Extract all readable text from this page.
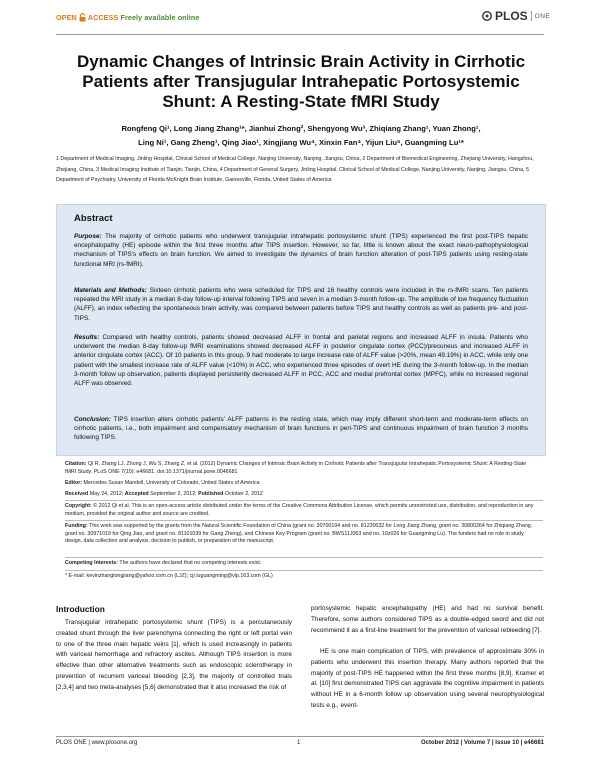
OPEN ACCESS Freely available online	PLOS ONE
Dynamic Changes of Intrinsic Brain Activity in Cirrhotic Patients after Transjugular Intrahepatic Portosystemic Shunt: A Resting-State fMRI Study
Rongfeng Qi¹, Long Jiang Zhang¹*, Jianhui Zhong², Shengyong Wu³, Zhiqiang Zhang¹, Yuan Zhong¹,
Ling Ni¹, Gang Zheng¹, Qing Jiao¹, Xingjiang Wu⁴, Xinxin Fan⁴, Yijun Liu⁵, Guangming Lu¹*
1 Department of Medical Imaging, Jinling Hospital, Clinical School of Medical College, Nanjing University, Nanjing, Jiangsu, China, 2 Department of Biomedical Engineering, Zhejiang University, Hangzhou, Zhejiang, China, 3 Medical Imaging Institute of Tianjin, Tianjin, China, 4 Department of General Surgery, Jinling Hospital, Clinical School of Medical College, Nanjing University, Nanjing, Jiangsu, China, 5 Department of Psychiatry, University of Florida McKnight Brain Institute, Gainesville, Florida, United States of America
Abstract
Purpose: The majority of cirrhotic patients who underwent transjugular intrahepatic portosystemic shunt (TIPS) experienced the first post-TIPS hepatic encephalopathy (HE) episode within the first three months after TIPS insertion. However, so far, little is known about the exact neuro-pathophysiological mechanism of TIPS's effects on brain function. We aimed to investigate the dynamics of brain function alteration of post-TIPS patients using resting-state functional MRI (rs-fMRI).
Materials and Methods: Sixteen cirrhotic patients who were scheduled for TIPS and 16 healthy controls were included in the rs-fMRI scans. Ten patients repeated the MRI study in a median 8-day follow-up interval following TIPS and seven in a median 3-month follow-up. The amplitude of low frequency fluctuation (ALFF), an index reflecting the spontaneous brain activity, was compared between patients before TIPS and healthy controls as well as patients pre- and post- TIPS.
Results: Compared with healthy controls, patients showed decreased ALFF in frontal and parietal regions and increased ALFF in insula. Patients who underwent the median 8-day follow-up fMRI examinations showed decreased ALFF in posterior cingulate cortex (PCC)/precuneus and increased ALFF in anterior cingulate cortex (ACC). Of 10 patients in this group, 9 had moderate to large increase rate of ALFF value (>20%, mean 49.19%) in ACC, while only one patient with the smallest increase rate of ALFF value (<10%) in ACC, who experienced three episodes of overt HE during the 3-month follow-up. In the median 3-month follow up observation, patients displayed persistently decreased ALFF in PCC, ACC and medial prefrontal cortex (MPFC), while no increased regional ALFF was observed.
Conclusion: TIPS insertion alters cirrhotic patients' ALFF patterns in the resting state, which may imply different short-term and moderate-term effects on cirrhotic patients, i.e., both impairment and compensatory mechanism of brain functions in peri-TIPS and continuous impairment of brain function 3 months following TIPS.
Citation: Qi R, Zhang LJ, Zhong J, Wu S, Zhang Z, et al. (2012) Dynamic Changes of Intrinsic Brain Activity in Cirrhotic Patients after Transjugular Intrahepatic Portosystemic Shunt: A Resting-State fMRI Study. PLoS ONE 7(10): e46681. doi:10.1371/journal.pone.0046681
Editor: Mercedes Susan Mandell, University of Colorado, United States of America
Received May 24, 2012; Accepted September 2, 2012; Published October 2, 2012
Copyright: © 2012 Qi et al. This is an open-access article distributed under the terms of the Creative Commons Attribution License, which permits unrestricted use, distribution, and reproduction in any medium, provided the original author and source are credited.
Funding: This work was supported by the grants from the Natural Scientific Foundation of China (grant no. 30700194 and no. 81230032 for Long Jiang Zhang, grant no. 30800264 for Zhiqiang Zhang, grant no. 30971019 for Qing Jiao, and grant no. 81101039 for Gang Zheng), and Chinese Key Program (grant no. BWS11J063 and no. 10z026 for Guangming Lu). The funders had no role in study design, data collection and analysis, decision to publish, or preparation of the manuscript.
Competing Interests: The authors have declared that no competing interests exist.
* E-mail: kevinzhanglongjiang@yahoo.com.cn (LJZ); cjr.luguangming@vip.163.com (GL)
Introduction
Transjugular intrahepatic portosystemic shunt (TIPS) is a percutaneously created shunt through the liver parenchyma connecting the right or left portal vein to one of the three main hepatic veins [1], which is used increasingly in patients with variceal hemorrhage and refractory ascites. Although TIPS insertion is more effective than other alternative treatments such as endoscopic sclerotherapy in prevention of recurrent variceal bleeding [2,3], the majority of controlled trials [2,3,4] and two meta-analyses [5,6] demonstrated that it also increased the risk of
portosystemic hepatic encephalopathy (HE) and had no survival benefit. Therefore, some authors considered TIPS as a double-edged sword and did not recommend it as a first-line treatment for the prevention of variceal rebleeding [7].
HE is one main complication of TIPS, with prevalence of approximate 30% in patients who underwent this insertion therapy. Many authors reported that the majority of post-TIPS HE happened within the first three months [8,9]. Kramer et al. [10] first demonstrated TIPS can aggravate the cognitive impairment in patients without HE in a 6-month follow up observation using several neurophysiological tests e.g., event-
PLOS ONE | www.plosone.org	1	October 2012 | Volume 7 | Issue 10 | e46681
